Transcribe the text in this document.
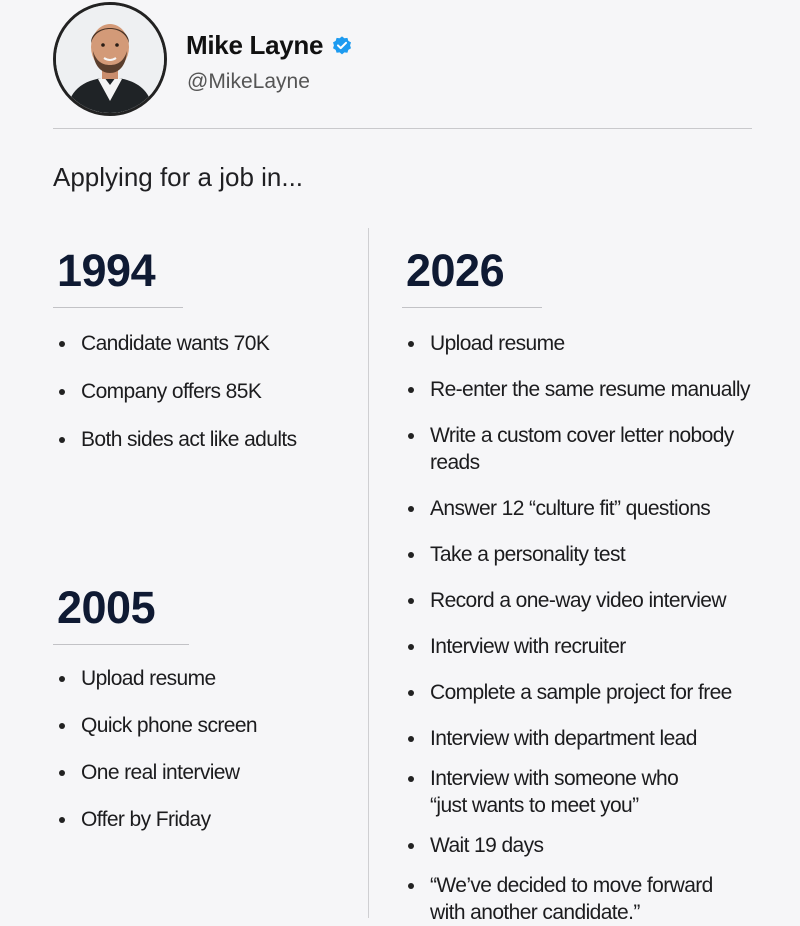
Mike Layne
@MikeLayne
Applying for a job in...
1994
Candidate wants 70K
Company offers 85K
Both sides act like adults
2005
Upload resume
Quick phone screen
One real interview
Offer by Friday
2026
Upload resume
Re-enter the same resume manually
Write a custom cover letter nobody reads
Answer 12 “culture fit” questions
Take a personality test
Record a one-way video interview
Interview with recruiter
Complete a sample project for free
Interview with department lead
Interview with someone who “just wants to meet you”
Wait 19 days
“We’ve decided to move forward with another candidate.”
